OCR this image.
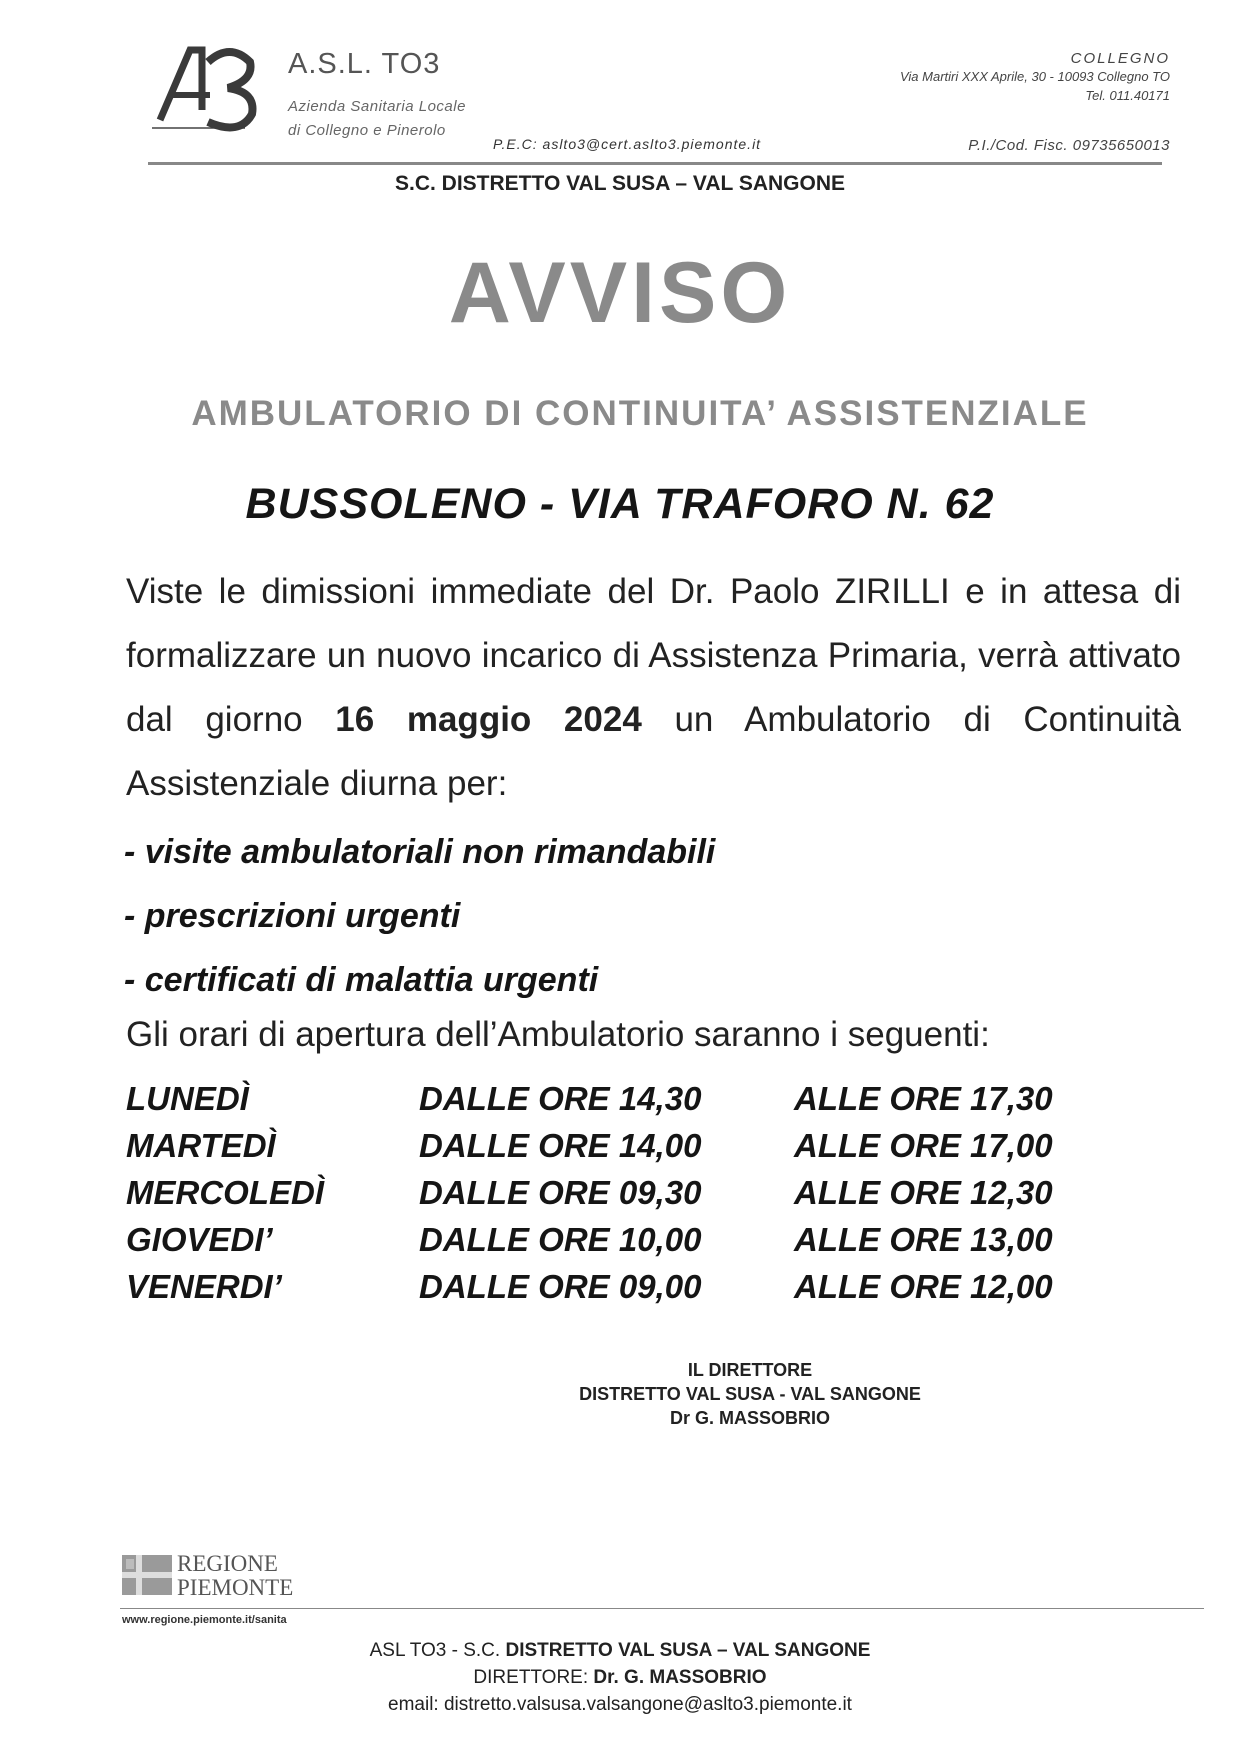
A.S.L. TO3
Azienda Sanitaria Locale
di Collegno e Pinerolo
P.E.C: aslto3@cert.aslto3.piemonte.it
COLLEGNO
Via Martiri XXX Aprile, 30 - 10093 Collegno TO
Tel. 011.40171
P.I./Cod. Fisc. 09735650013
S.C. DISTRETTO VAL SUSA – VAL SANGONE
AVVISO
AMBULATORIO DI CONTINUITA’ ASSISTENZIALE
BUSSOLENO - VIA TRAFORO N. 62
Viste le dimissioni immediate del Dr. Paolo ZIRILLI e in attesa di formalizzare un nuovo incarico di Assistenza Primaria, verrà attivato dal giorno 16 maggio 2024 un Ambulatorio di Continuità Assistenziale diurna per:
- visite ambulatoriali non rimandabili
- prescrizioni urgenti
- certificati di malattia urgenti
Gli orari di apertura dell’Ambulatorio saranno i seguenti:
LUNEDÌ	DALLE ORE 14,30	ALLE ORE 17,30
MARTEDÌ	DALLE ORE 14,00	ALLE ORE 17,00
MERCOLEDÌ	DALLE ORE 09,30	ALLE ORE 12,30
GIOVEDI’	DALLE ORE 10,00	ALLE ORE 13,00
VENERDI’	DALLE ORE 09,00	ALLE ORE 12,00
IL DIRETTORE
DISTRETTO VAL SUSA - VAL SANGONE
Dr G. MASSOBRIO
REGIONE
PIEMONTE
www.regione.piemonte.it/sanita
ASL TO3 - S.C. DISTRETTO VAL SUSA – VAL SANGONE
DIRETTORE: Dr. G. MASSOBRIO
email: distretto.valsusa.valsangone@aslto3.piemonte.it
